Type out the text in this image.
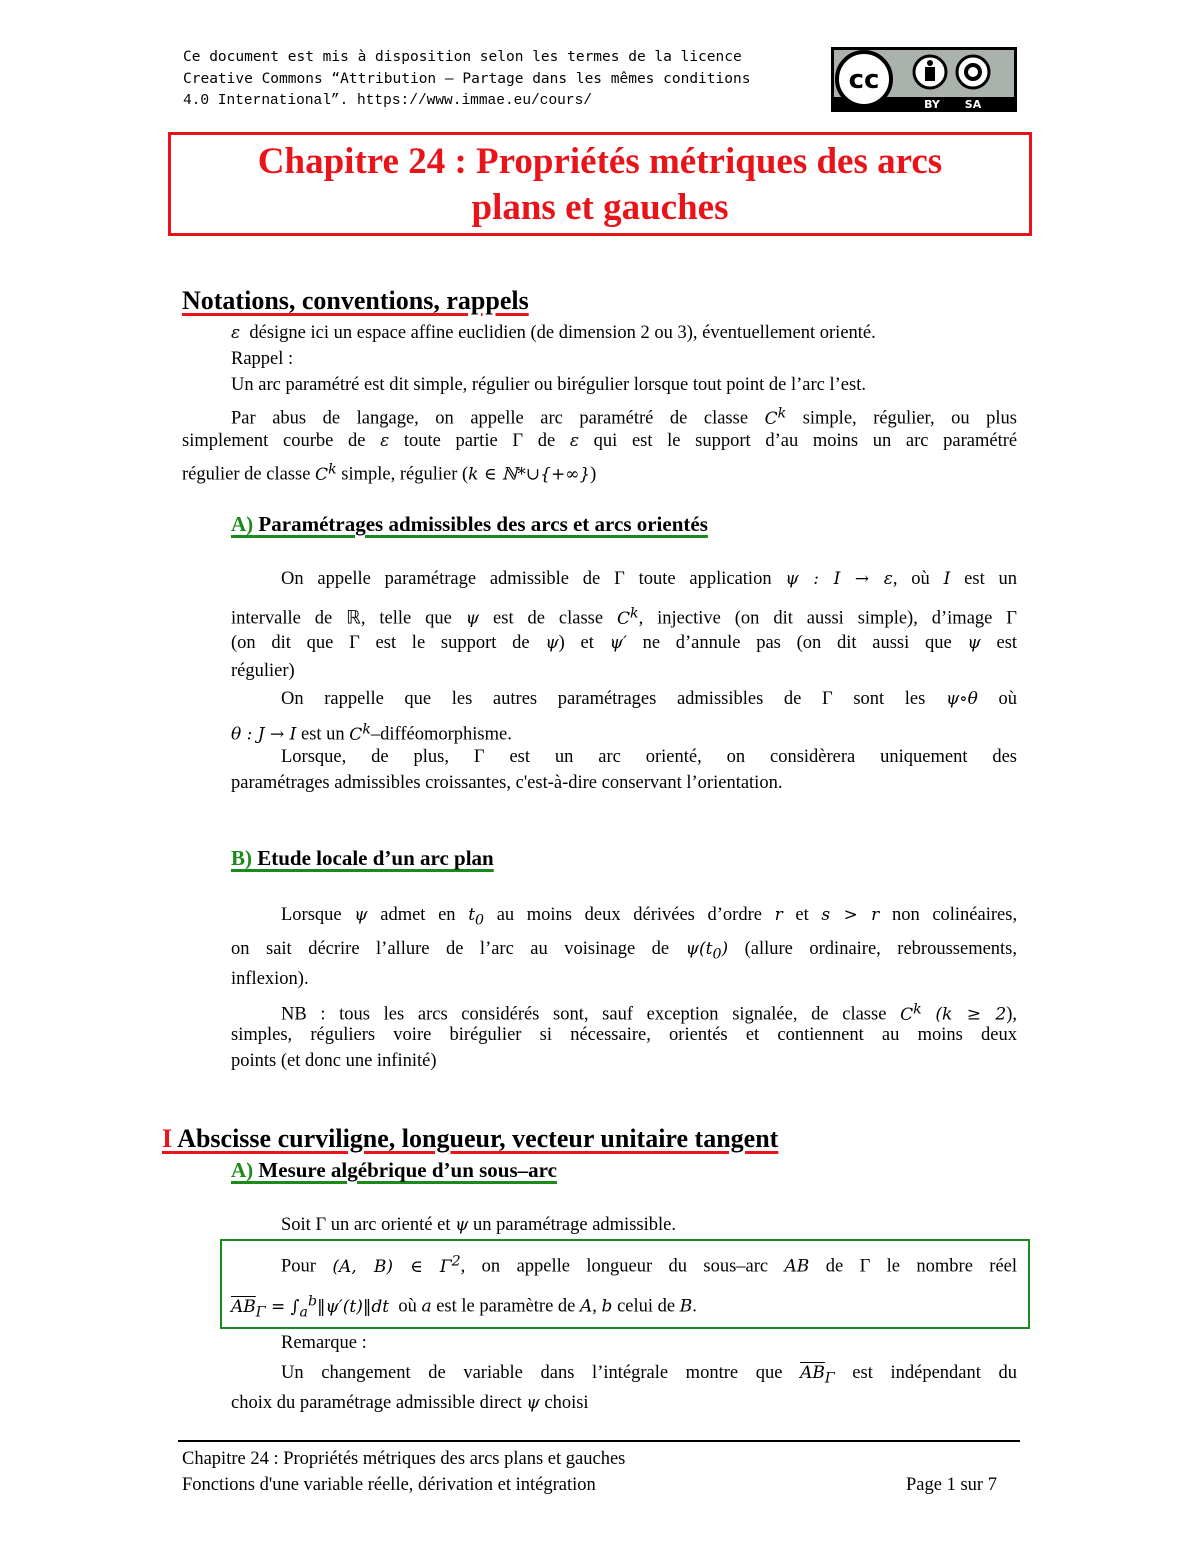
Ce document est mis à disposition selon les termes de la licence
Creative Commons “Attribution – Partage dans les mêmes conditions
4.0 International”. https://www.immae.eu/cours/
cc
BY SA
Chapitre 24 : Propriétés métriques des arcs
plans et gauches
Notations, conventions, rappels
ε désigne ici un espace affine euclidien (de dimension 2 ou 3), éventuellement orienté.
Rappel :
Un arc paramétré est dit simple, régulier ou birégulier lorsque tout point de l’arc l’est.
Par abus de langage, on appelle arc paramétré de classe $C^k$ simple, régulier, ou plus
simplement courbe de ε toute partie Γ de ε qui est le support d’au moins un arc paramétré
régulier de classe $C^k$ simple, régulier (k ∈ ℕ*∪{+∞})
A) Paramétrages admissibles des arcs et arcs orientés
On appelle paramétrage admissible de Γ toute application ψ : I → ε, où I est un
intervalle de ℝ, telle que ψ est de classe $C^k$, injective (on dit aussi simple), d’image Γ
(on dit que Γ est le support de ψ) et ψ′ ne d’annule pas (on dit aussi que ψ est
régulier)
On rappelle que les autres paramétrages admissibles de Γ sont les ψ∘θ où
θ : J → I est un $C^k$–difféomorphisme.
Lorsque, de plus, Γ est un arc orienté, on considèrera uniquement des
paramétrages admissibles croissantes, c'est-à-dire conservant l’orientation.
B) Etude locale d’un arc plan
Lorsque ψ admet en $t_0$ au moins deux dérivées d’ordre r et s > r non colinéaires,
on sait décrire l’allure de l’arc au voisinage de $\psi(t_0)$ (allure ordinaire, rebroussements,
inflexion).
NB : tous les arcs considérés sont, sauf exception signalée, de classe $C^k$ (k ≥ 2),
simples, réguliers voire birégulier si nécessaire, orientés et contiennent au moins deux
points (et donc une infinité)
I Abscisse curviligne, longueur, vecteur unitaire tangent
A) Mesure algébrique d’un sous–arc
Soit Γ un arc orienté et ψ un paramétrage admissible.
Pour (A, B) ∈ $\Gamma^2$, on appelle longueur du sous–arc AB de Γ le nombre réel
$\overline{AB}_\Gamma$ = $\int_a^b‖\psi'(t)‖dt$ où a est le paramètre de A, b celui de B.
Remarque :
Un changement de variable dans l’intégrale montre que $\overline{AB}_\Gamma$ est indépendant du
choix du paramétrage admissible direct ψ choisi
Chapitre 24 : Propriétés métriques des arcs plans et gauches
Fonctions d'une variable réelle, dérivation et intégration	Page 1 sur 7
